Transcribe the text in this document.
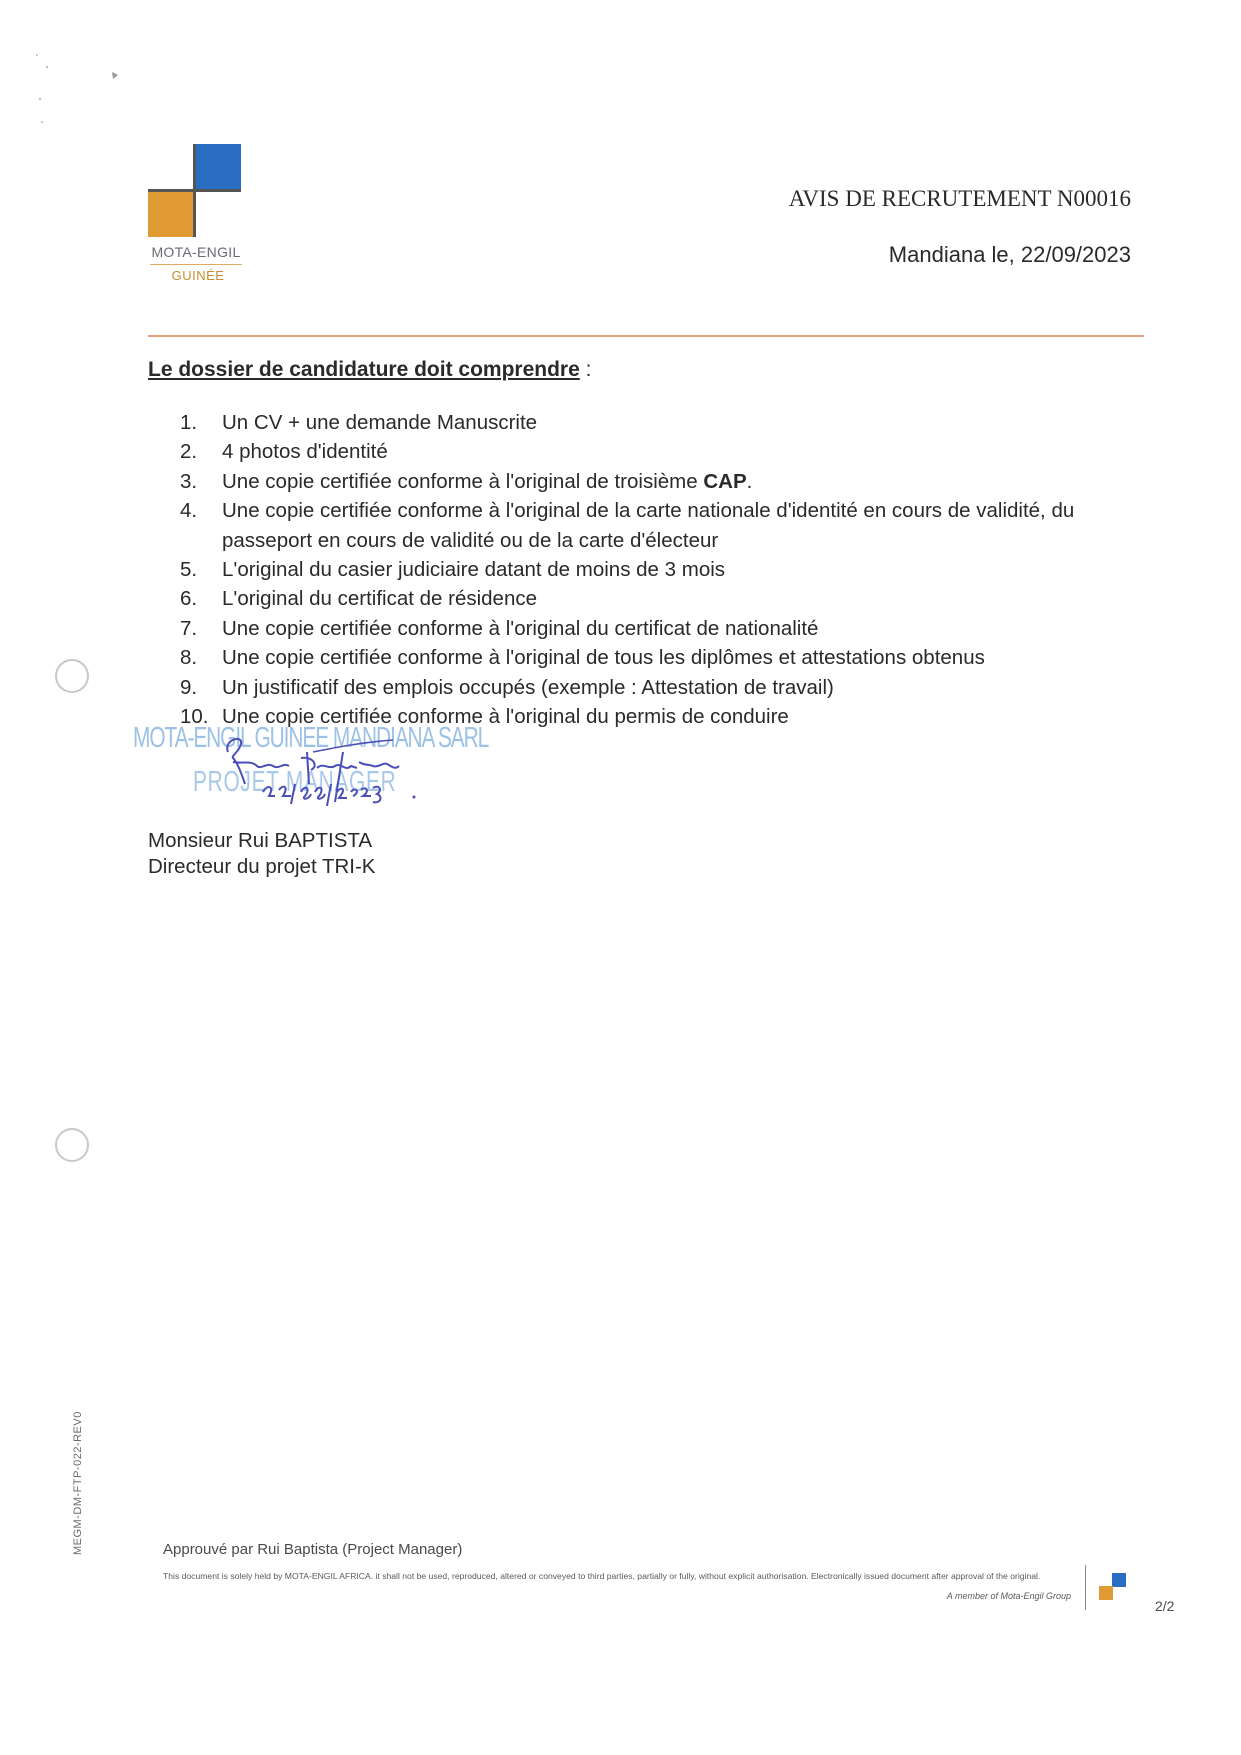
MOTA-ENGIL
GUINÉE
AVIS DE RECRUTEMENT N00016
Mandiana le, 22/09/2023
Le dossier de candidature doit comprendre :
1.	Un CV + une demande Manuscrite
2.	4 photos d'identité
3.	Une copie certifiée conforme à l'original de troisième CAP.
4.	Une copie certifiée conforme à l'original de la carte nationale d'identité en cours de validité, du passeport en cours de validité ou de la carte d'électeur
5.	L'original du casier judiciaire datant de moins de 3 mois
6.	L'original du certificat de résidence
7.	Une copie certifiée conforme à l'original du certificat de nationalité
8.	Une copie certifiée conforme à l'original de tous les diplômes et attestations obtenus
9.	Un justificatif des emplois occupés (exemple : Attestation de travail)
10. Une copie certifiée conforme à l'original du permis de conduire
MOTA-ENGIL GUINEE MANDIANA SARL
PROJET MANAGER
Monsieur Rui BAPTISTA
Directeur du projet TRI-K
MEGM-DM-FTP-022-REV0	Approuvé par Rui Baptista (Project Manager)
This document is solely held by MOTA-ENGIL AFRICA. it shall not be used, reproduced, altered or conveyed to third parties, partially or fully, without explicit authorisation. Electronically issued document after approval of the original.
A member of Mota-Engil Group
2/2
